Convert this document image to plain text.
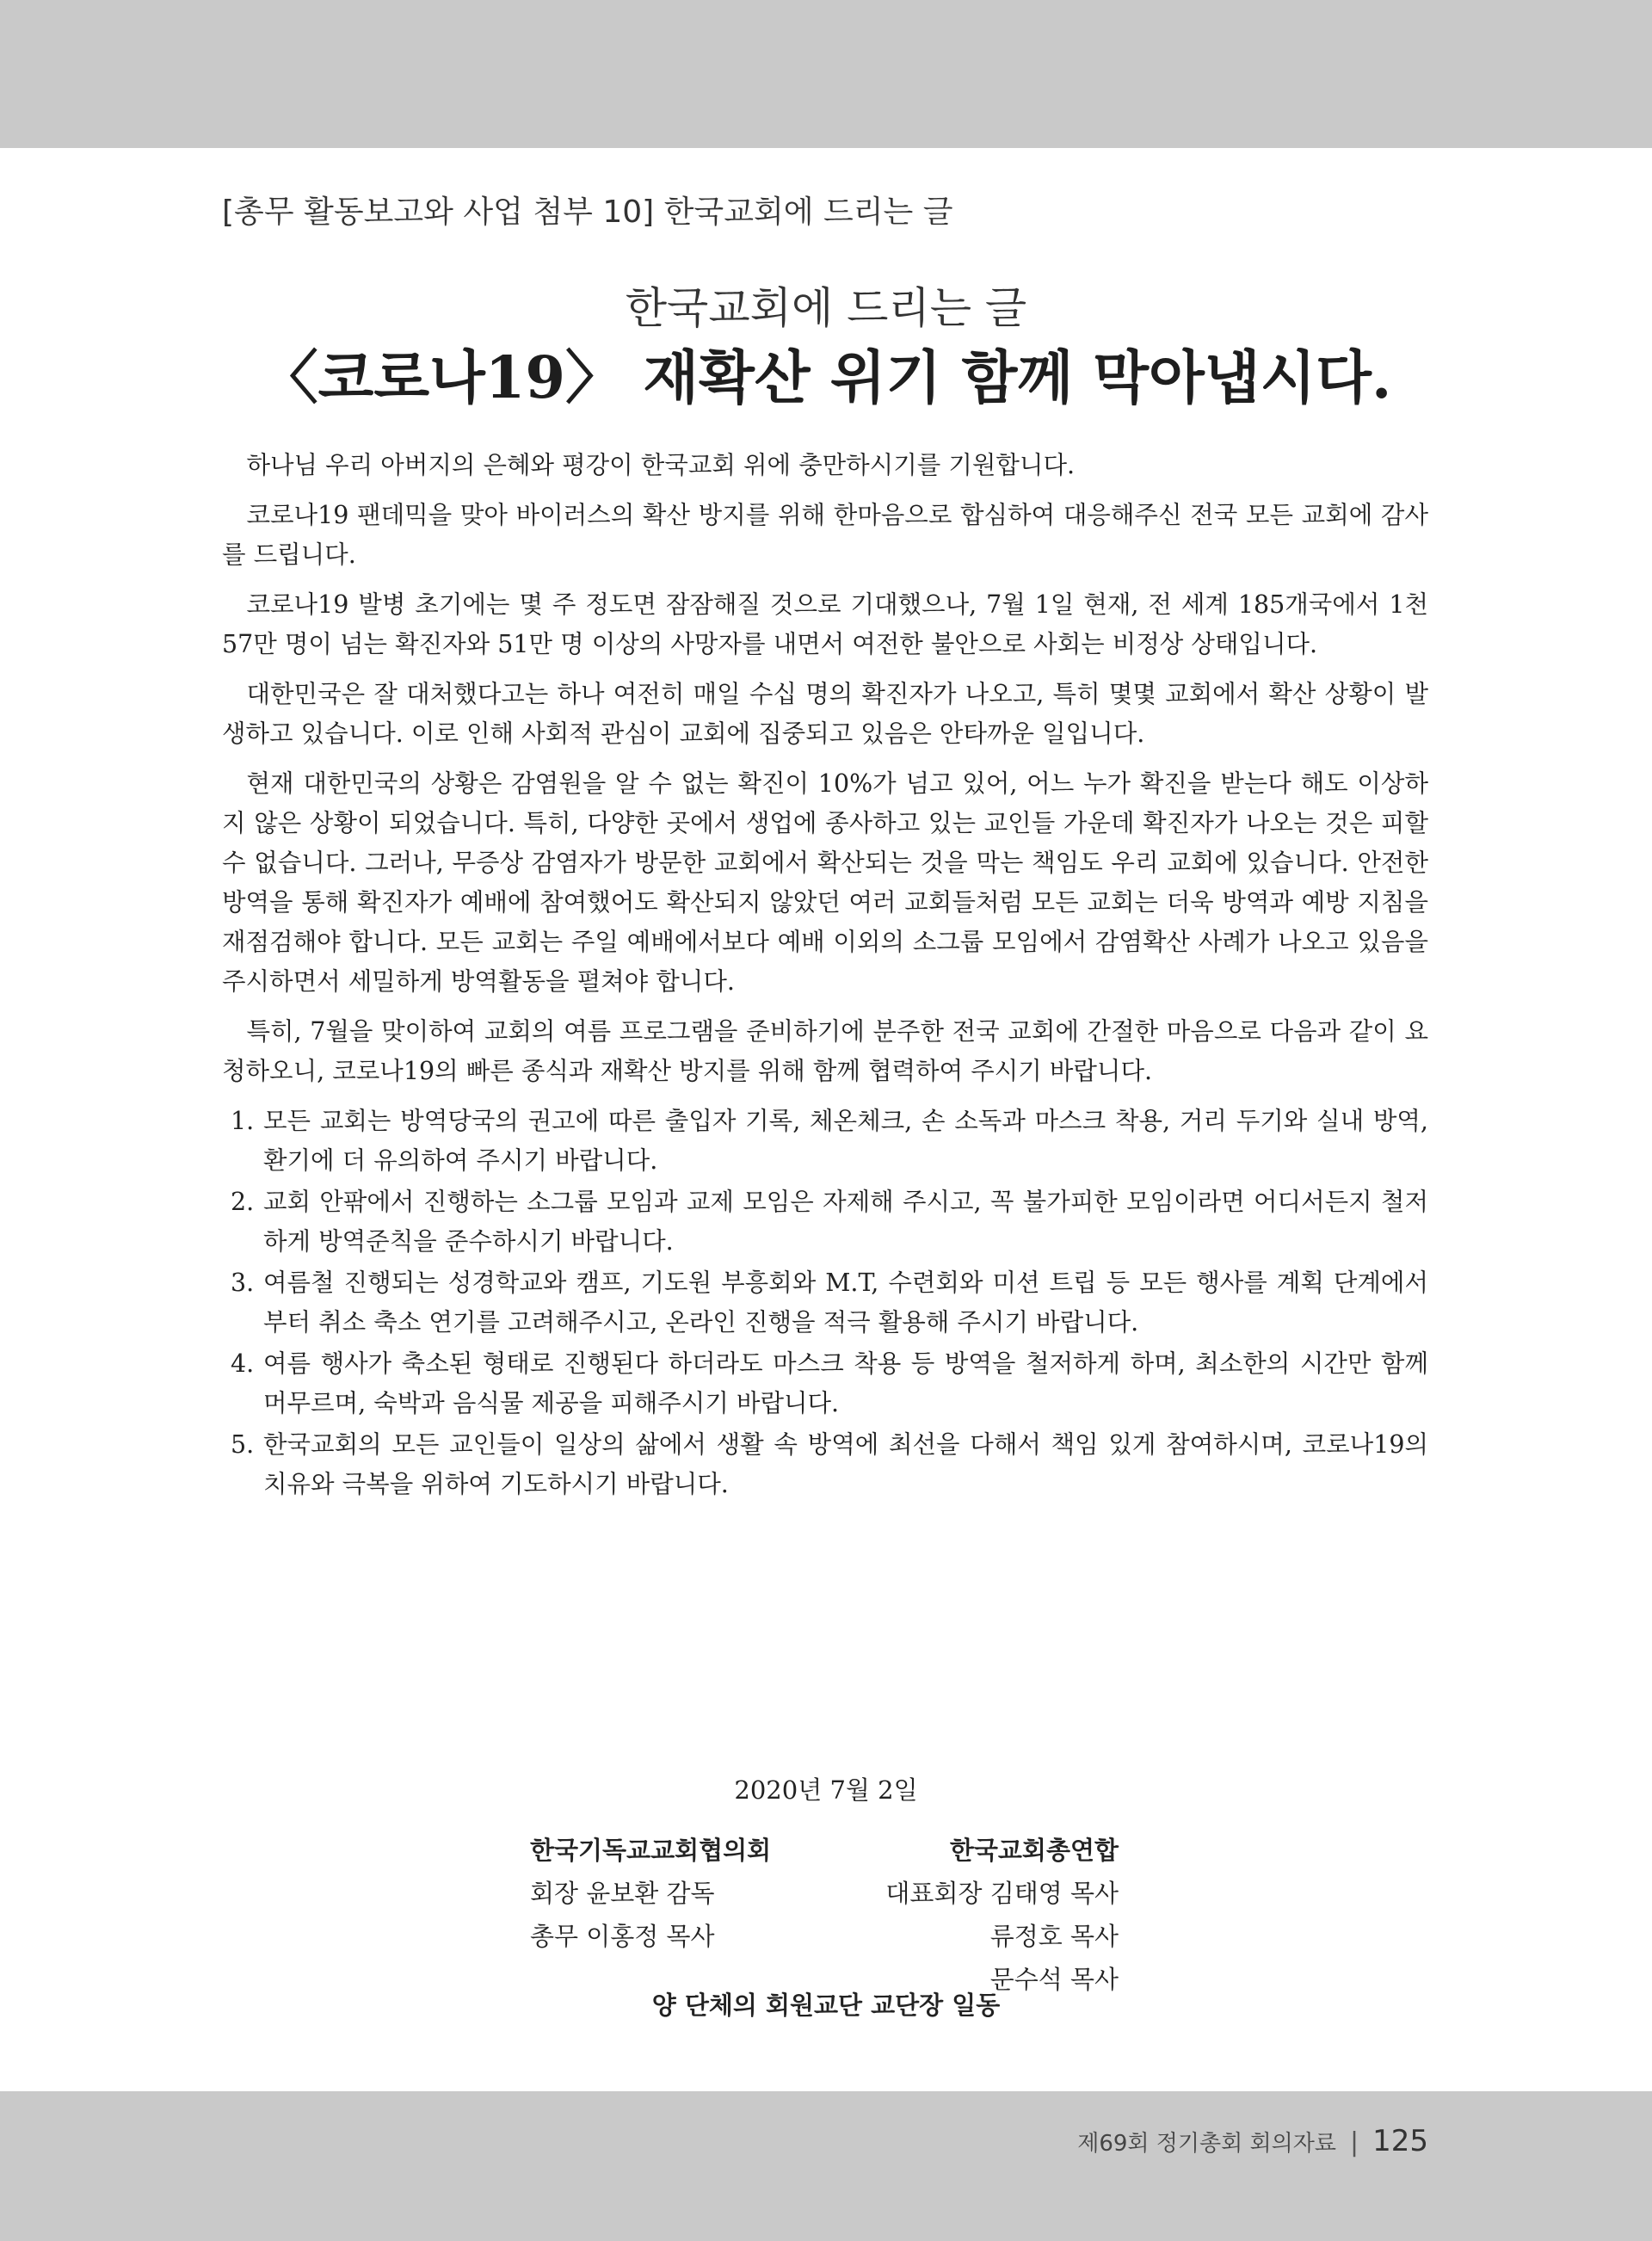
[총무 활동보고와 사업 첨부 10] 한국교회에 드리는 글
한국교회에 드리는 글
〈코로나19〉 재확산 위기 함께 막아냅시다.

하나님 우리 아버지의 은혜와 평강이 한국교회 위에 충만하시기를 기원합니다.

코로나19 팬데믹을 맞아 바이러스의 확산 방지를 위해 한마음으로 합심하여 대응해주신 전국 모든 교회에 감사를 드립니다.

코로나19 발병 초기에는 몇 주 정도면 잠잠해질 것으로 기대했으나, 7월 1일 현재, 전 세계 185개국에서 1천 57만 명이 넘는 확진자와 51만 명 이상의 사망자를 내면서 여전한 불안으로 사회는 비정상 상태입니다.

대한민국은 잘 대처했다고는 하나 여전히 매일 수십 명의 확진자가 나오고, 특히 몇몇 교회에서 확산 상황이 발생하고 있습니다. 이로 인해 사회적 관심이 교회에 집중되고 있음은 안타까운 일입니다.

현재 대한민국의 상황은 감염원을 알 수 없는 확진이 10%가 넘고 있어, 어느 누가 확진을 받는다 해도 이상하지 않은 상황이 되었습니다. 특히, 다양한 곳에서 생업에 종사하고 있는 교인들 가운데 확진자가 나오는 것은 피할 수 없습니다. 그러나, 무증상 감염자가 방문한 교회에서 확산되는 것을 막는 책임도 우리 교회에 있습니다. 안전한 방역을 통해 확진자가 예배에 참여했어도 확산되지 않았던 여러 교회들처럼 모든 교회는 더욱 방역과 예방 지침을 재점검해야 합니다. 모든 교회는 주일 예배에서보다 예배 이외의 소그룹 모임에서 감염확산 사례가 나오고 있음을 주시하면서 세밀하게 방역활동을 펼쳐야 합니다.

특히, 7월을 맞이하여 교회의 여름 프로그램을 준비하기에 분주한 전국 교회에 간절한 마음으로 다음과 같이 요청하오니, 코로나19의 빠른 종식과 재확산 방지를 위해 함께 협력하여 주시기 바랍니다.

1. 모든 교회는 방역당국의 권고에 따른 출입자 기록, 체온체크, 손 소독과 마스크 착용, 거리 두기와 실내 방역, 환기에 더 유의하여 주시기 바랍니다.
2. 교회 안팎에서 진행하는 소그룹 모임과 교제 모임은 자제해 주시고, 꼭 불가피한 모임이라면 어디서든지 철저하게 방역준칙을 준수하시기 바랍니다.
3. 여름철 진행되는 성경학교와 캠프, 기도원 부흥회와 M.T, 수련회와 미션 트립 등 모든 행사를 계획 단계에서부터 취소 축소 연기를 고려해주시고, 온라인 진행을 적극 활용해 주시기 바랍니다.
4. 여름 행사가 축소된 형태로 진행된다 하더라도 마스크 착용 등 방역을 철저하게 하며, 최소한의 시간만 함께 머무르며, 숙박과 음식물 제공을 피해주시기 바랍니다.
5. 한국교회의 모든 교인들이 일상의 삶에서 생활 속 방역에 최선을 다해서 책임 있게 참여하시며, 코로나19의 치유와 극복을 위하여 기도하시기 바랍니다.
2020년 7월 2일
한국기독교교회협의회
회장 윤보환 감독
총무 이홍정 목사
한국교회총연합
대표회장 김태영 목사
류정호 목사
문수석 목사
양 단체의 회원교단 교단장 일동
제69회 정기총회 회의자료 | 125
